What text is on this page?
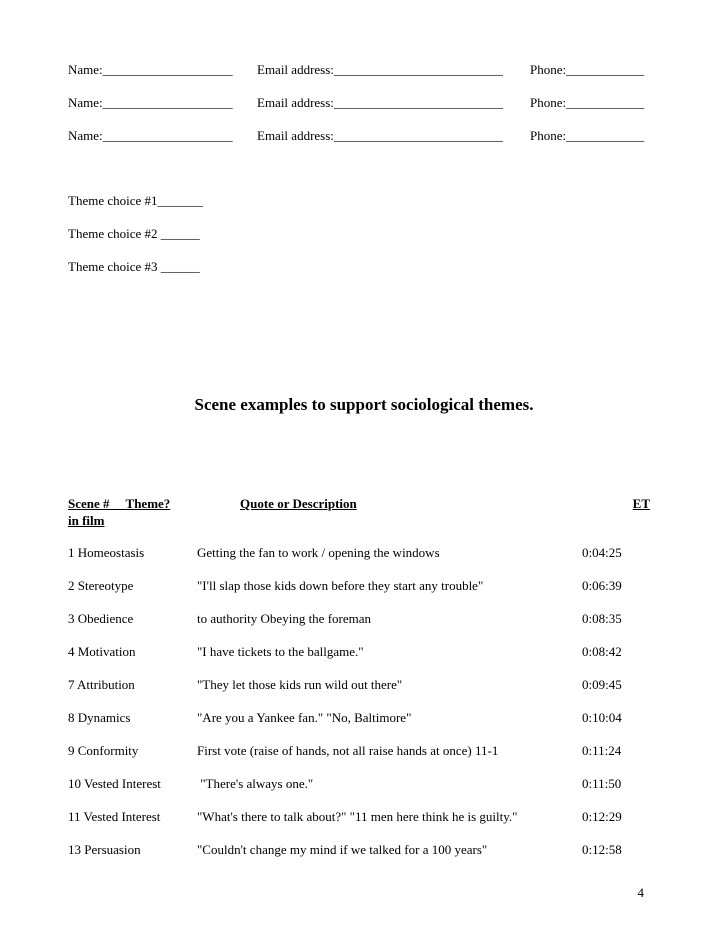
Name:____________________ Email address:__________________________ Phone:____________
Name:____________________ Email address:__________________________ Phone:____________
Name:____________________ Email address:__________________________ Phone:____________
Theme choice #1_______
Theme choice #2 ______
Theme choice #3 ______
Scene examples to support sociological themes.
Scene #     Theme?	Quote or Description	ET
in film
1 Homeostasis	Getting the fan to work / opening the windows	0:04:25
2 Stereotype	"I'll slap those kids down before they start any trouble"	0:06:39
3 Obedience	to authority Obeying the foreman	0:08:35
4 Motivation	"I have tickets to the ballgame."	0:08:42
7 Attribution	"They let those kids run wild out there"	0:09:45
8 Dynamics	"Are you a Yankee fan." "No, Baltimore"	0:10:04
9 Conformity	First vote (raise of hands, not all raise hands at once) 11-1	0:11:24
10 Vested Interest	"There's always one."	0:11:50
11 Vested Interest	"What's there to talk about?" "11 men here think he is guilty."	0:12:29
13 Persuasion	"Couldn't change my mind if we talked for a 100 years"	0:12:58
4
